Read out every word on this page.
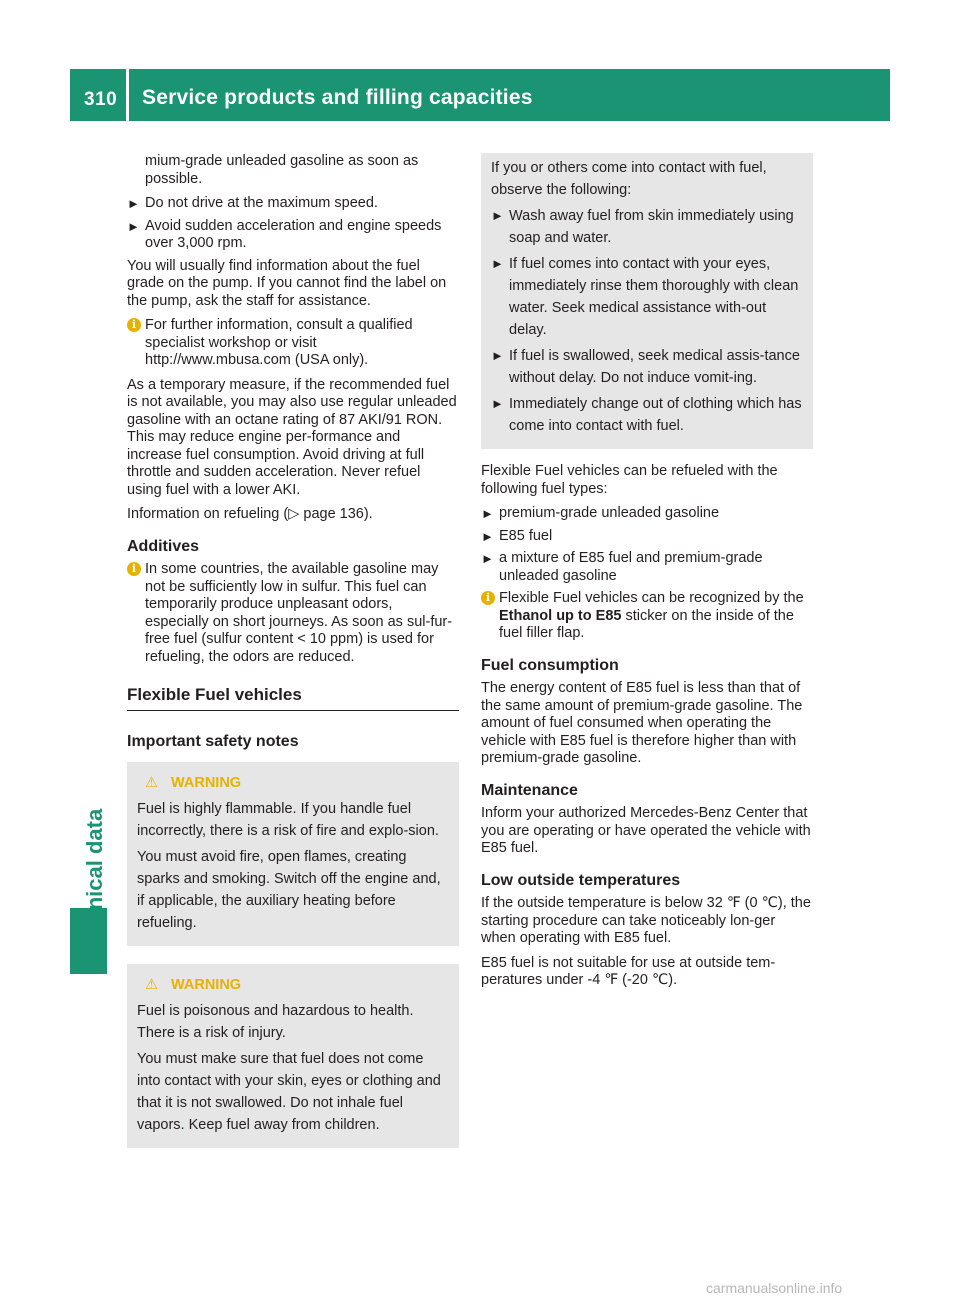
310 Service products and filling capacities
Technical data

mium-grade unleaded gasoline as soon as possible.

► Do not drive at the maximum speed.
► Avoid sudden acceleration and engine speeds over 3,000 rpm.

You will usually find information about the fuel grade on the pump. If you cannot find the label on the pump, ask the staff for assistance.

i For further information, consult a qualified specialist workshop or visit http://www.mbusa.com (USA only).

As a temporary measure, if the recommended fuel is not available, you may also use regular unleaded gasoline with an octane rating of 87 AKI/91 RON. This may reduce engine per-formance and increase fuel consumption. Avoid driving at full throttle and sudden acceleration. Never refuel using fuel with a lower AKI.

Information on refueling (▷ page 136).

Additives
i In some countries, the available gasoline may not be sufficiently low in sulfur. This fuel can temporarily produce unpleasant odors, especially on short journeys. As soon as sul-fur-free fuel (sulfur content < 10 ppm) is used for refueling, the odors are reduced.
Flexible Fuel vehicles
Important safety notes
⚠ WARNING

Fuel is highly flammable. If you handle fuel incorrectly, there is a risk of fire and explo-sion.

You must avoid fire, open flames, creating sparks and smoking. Switch off the engine and, if applicable, the auxiliary heating before refueling.

⚠ WARNING

Fuel is poisonous and hazardous to health. There is a risk of injury.

You must make sure that fuel does not come into contact with your skin, eyes or clothing and that it is not swallowed. Do not inhale fuel vapors. Keep fuel away from children.

If you or others come into contact with fuel, observe the following:

► Wash away fuel from skin immediately using soap and water.
► If fuel comes into contact with your eyes, immediately rinse them thoroughly with clean water. Seek medical assistance with-out delay.
► If fuel is swallowed, seek medical assis-tance without delay. Do not induce vomit-ing.
► Immediately change out of clothing which has come into contact with fuel.

Flexible Fuel vehicles can be refueled with the following fuel types:

► premium-grade unleaded gasoline
► E85 fuel
► a mixture of E85 fuel and premium-grade unleaded gasoline
i Flexible Fuel vehicles can be recognized by the Ethanol up to E85 sticker on the inside of the fuel filler flap.
Fuel consumption

The energy content of E85 fuel is less than that of the same amount of premium-grade gasoline. The amount of fuel consumed when operating the vehicle with E85 fuel is therefore higher than with premium-grade gasoline.

Maintenance

Inform your authorized Mercedes-Benz Center that you are operating or have operated the vehicle with E85 fuel.

Low outside temperatures

If the outside temperature is below 32 ℉ (0 ℃), the starting procedure can take noticeably lon-ger when operating with E85 fuel.

E85 fuel is not suitable for use at outside tem-peratures under -4 ℉ (-20 ℃).

carmanualsonline.info
